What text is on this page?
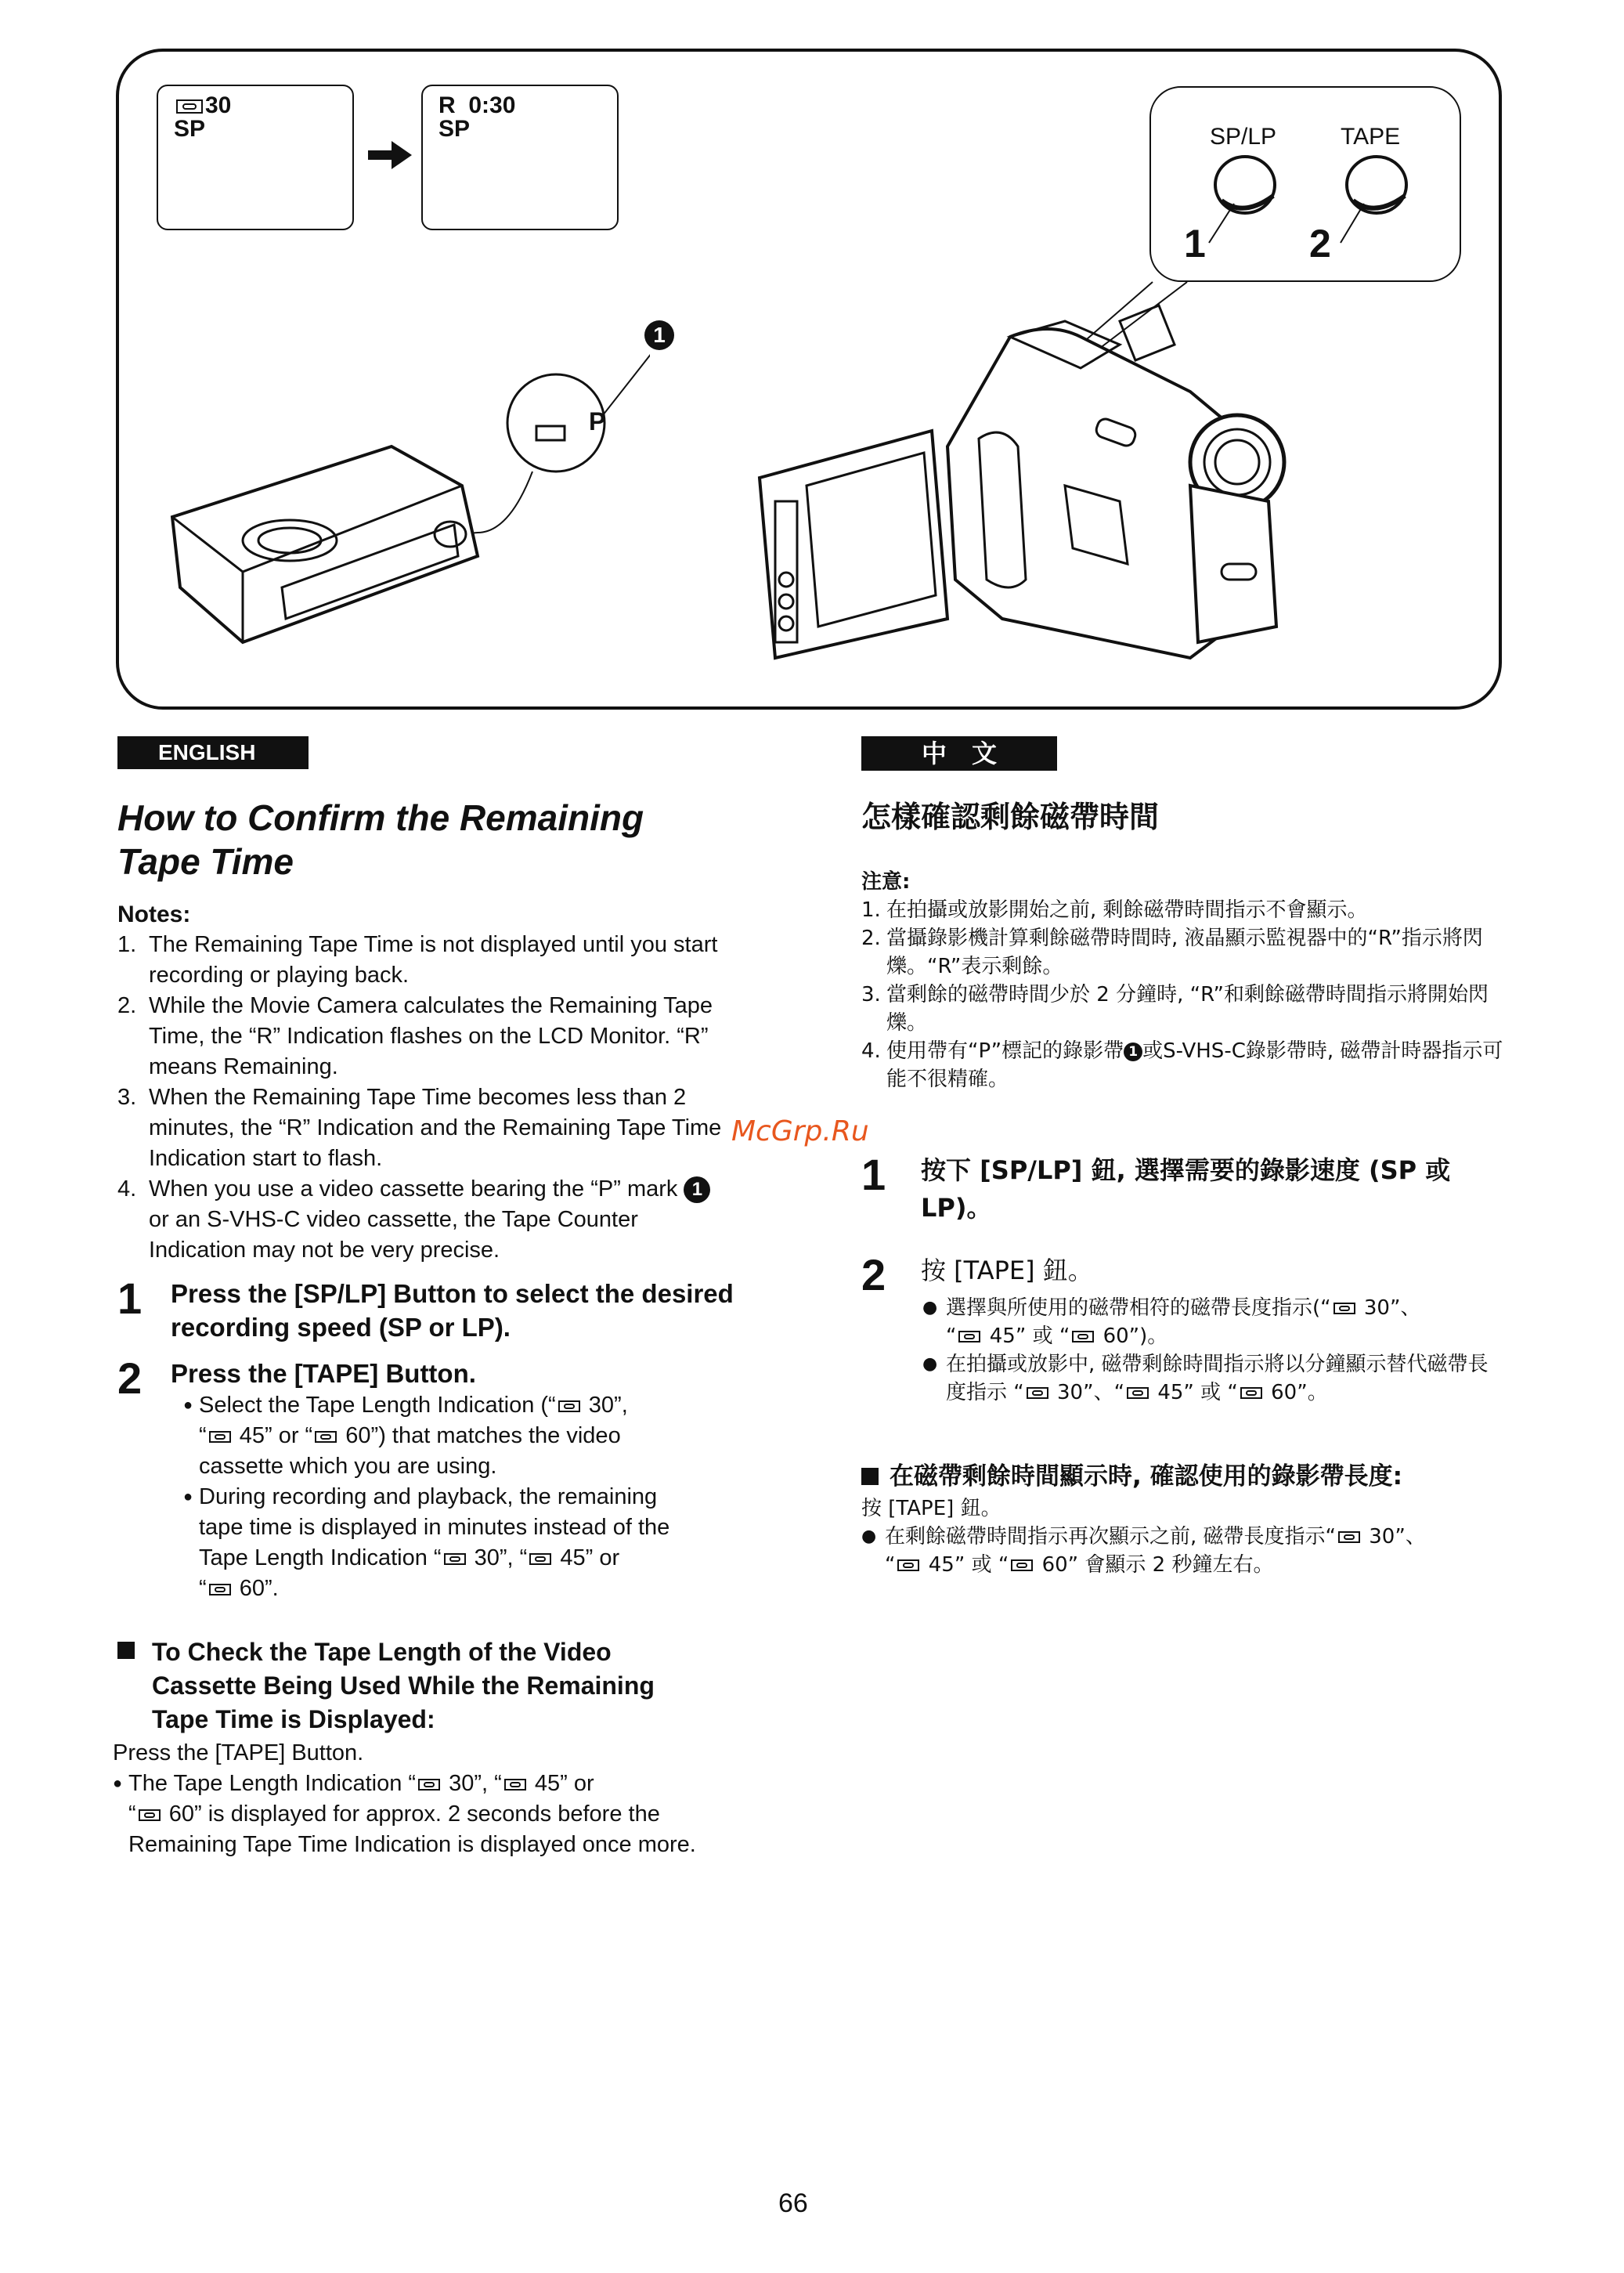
30
SP
R  0:30
SP	SP/LP	TAPE
1	2
1
P
ENGLISH
How to Confirm the Remaining
Tape Time
Notes:
1. The Remaining Tape Time is not displayed until you start recording or playing back.
2. While the Movie Camera calculates the Remaining Tape Time, the “R” Indication flashes on the LCD Monitor. “R” means Remaining.
3. When the Remaining Tape Time becomes less than 2 minutes, the “R” Indication and the Remaining Tape Time Indication start to flash.
4. When you use a video cassette bearing the “P” mark 1 or an S-VHS-C video cassette, the Tape Counter Indication may not be very precise.
1 Press the [SP/LP] Button to select the desired recording speed (SP or LP).
2 Press the [TAPE] Button.
● Select the Tape Length Indication (“ 30”,
“ 45” or “ 60”) that matches the video cassette which you are using.
● During recording and playback, the remaining tape time is displayed in minutes instead of the Tape Length Indication “ 30”, “ 45” or
“ 60”.
To Check the Tape Length of the Video Cassette Being Used While the Remaining Tape Time is Displayed:
Press the [TAPE] Button.
● The Tape Length Indication “ 30”, “ 45” or
“ 60” is displayed for approx. 2 seconds before the Remaining Tape Time Indication is displayed once more.
中　文
怎樣確認剩餘磁帶時間
注意:
1. 在拍攝或放影開始之前, 剩餘磁帶時間指示不會顯示。
2. 當攝錄影機計算剩餘磁帶時間時, 液晶顯示監視器中的“R”指示將閃爍。“R”表示剩餘。
3. 當剩餘的磁帶時間少於 2 分鐘時, “R”和剩餘磁帶時間指示將開始閃爍。
4. 使用帶有“P”標記的錄影帶 1 或S-VHS-C錄影帶時, 磁帶計時器指示可能不很精確。
McGrp.Ru
1 按下 [SP/LP] 鈕, 選擇需要的錄影速度 (SP 或LP)。
2 按 [TAPE] 鈕。
● 選擇與所使用的磁帶相符的磁帶長度指示(“ 30”、
“ 45” 或 “ 60”)。
● 在拍攝或放影中, 磁帶剩餘時間指示將以分鐘顯示替代磁帶長度指示 “ 30”、“ 45” 或 “ 60”。
在磁帶剩餘時間顯示時, 確認使用的錄影帶長度:
按 [TAPE] 鈕。
● 在剩餘磁帶時間指示再次顯示之前, 磁帶長度指示“ 30”、
“ 45” 或 “ 60” 會顯示 2 秒鐘左右。
66
